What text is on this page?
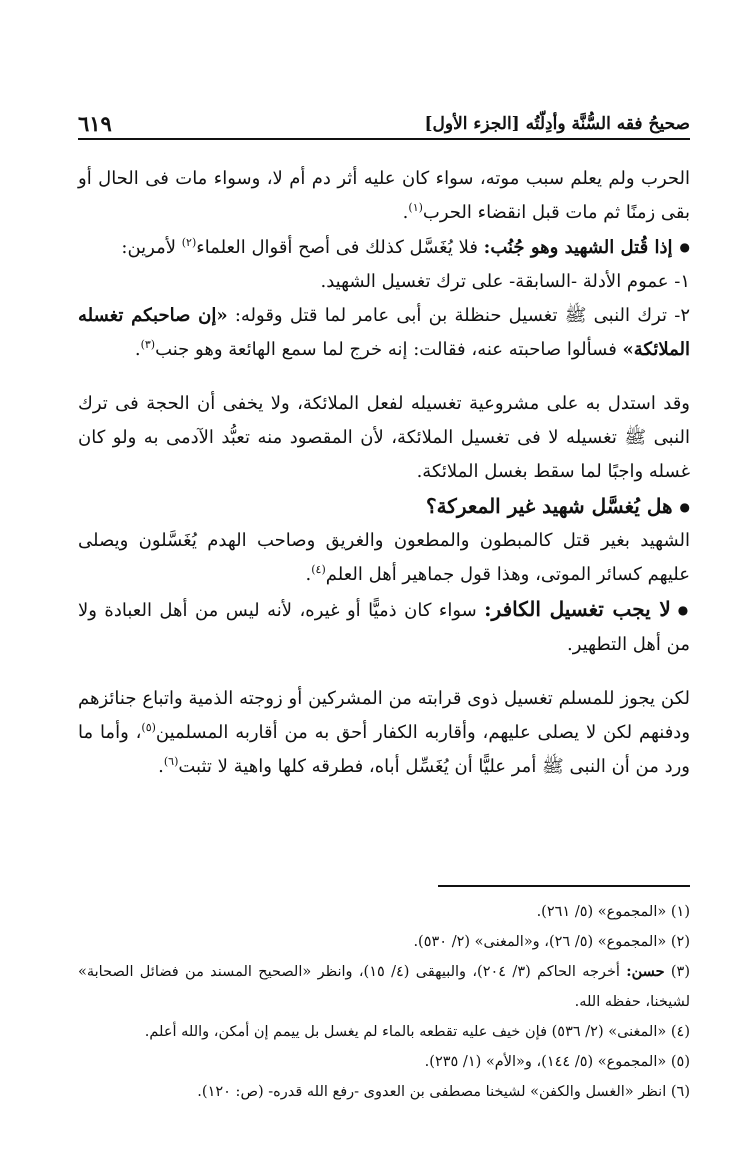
صحيحُ فقه السُّنَّة وأدِلّتُه [الجزء الأول]
٦١٩

الحرب ولم يعلم سبب موته، سواء كان عليه أثر دم أم لا، وسواء مات فى الحال أو بقى زمنًا ثم مات قبل انقضاء الحرب$^{(١)}$.

● إذا قُتل الشهيد وهو جُنُب: فلا يُغَسَّل كذلك فى أصح أقوال العلماء$^{(٢)}$ لأمرين:

١- عموم الأدلة -السابقة- على ترك تغسيل الشهيد.

٢- ترك النبى ﷺ تغسيل حنظلة بن أبى عامر لما قتل وقوله: «إن صاحبكم تغسله الملائكة» فسألوا صاحبته عنه، فقالت: إنه خرج لما سمع الهائعة وهو جنب$^{(٣)}$.

وقد استدل به على مشروعية تغسيله لفعل الملائكة، ولا يخفى أن الحجة فى ترك النبى ﷺ تغسيله لا فى تغسيل الملائكة، لأن المقصود منه تعبُّد الآدمى به ولو كان غسله واجبًا لما سقط بغسل الملائكة.

● هل يُغسَّل شهيد غير المعركة؟

الشهيد بغير قتل كالمبطون والمطعون والغريق وصاحب الهدم يُغَسَّلون ويصلى عليهم كسائر الموتى، وهذا قول جماهير أهل العلم$^{(٤)}$.

● لا يجب تغسيل الكافر: سواء كان ذميًّا أو غيره، لأنه ليس من أهل العبادة ولا من أهل التطهير.

لكن يجوز للمسلم تغسيل ذوى قرابته من المشركين أو زوجته الذمية واتباع جنائزهم ودفنهم لكن لا يصلى عليهم، وأقاربه الكفار أحق به من أقاربه المسلمين$^{(٥)}$، وأما ما ورد من أن النبى ﷺ أمر عليًّا أن يُغَسِّل أباه، فطرقه كلها واهية لا تثبت$^{(٦)}$.

(١) «المجموع» (٥/ ٢٦١).

(٢) «المجموع» (٥/ ٢٦)، و«المغنى» (٢/ ٥٣٠).

(٣) حسن: أخرجه الحاكم (٣/ ٢٠٤)، والبيهقى (٤/ ١٥)، وانظر «الصحيح المسند من فضائل الصحابة» لشيخنا، حفظه الله.

(٤) «المغنى» (٢/ ٥٣٦) فإن خيف عليه تقطعه بالماء لم يغسل بل ييمم إن أمكن، والله أعلم.

(٥) «المجموع» (٥/ ١٤٤)، و«الأم» (١/ ٢٣٥).

(٦) انظر «الغسل والكفن» لشيخنا مصطفى بن العدوى -رفع الله قدره- (ص: ١٢٠).
